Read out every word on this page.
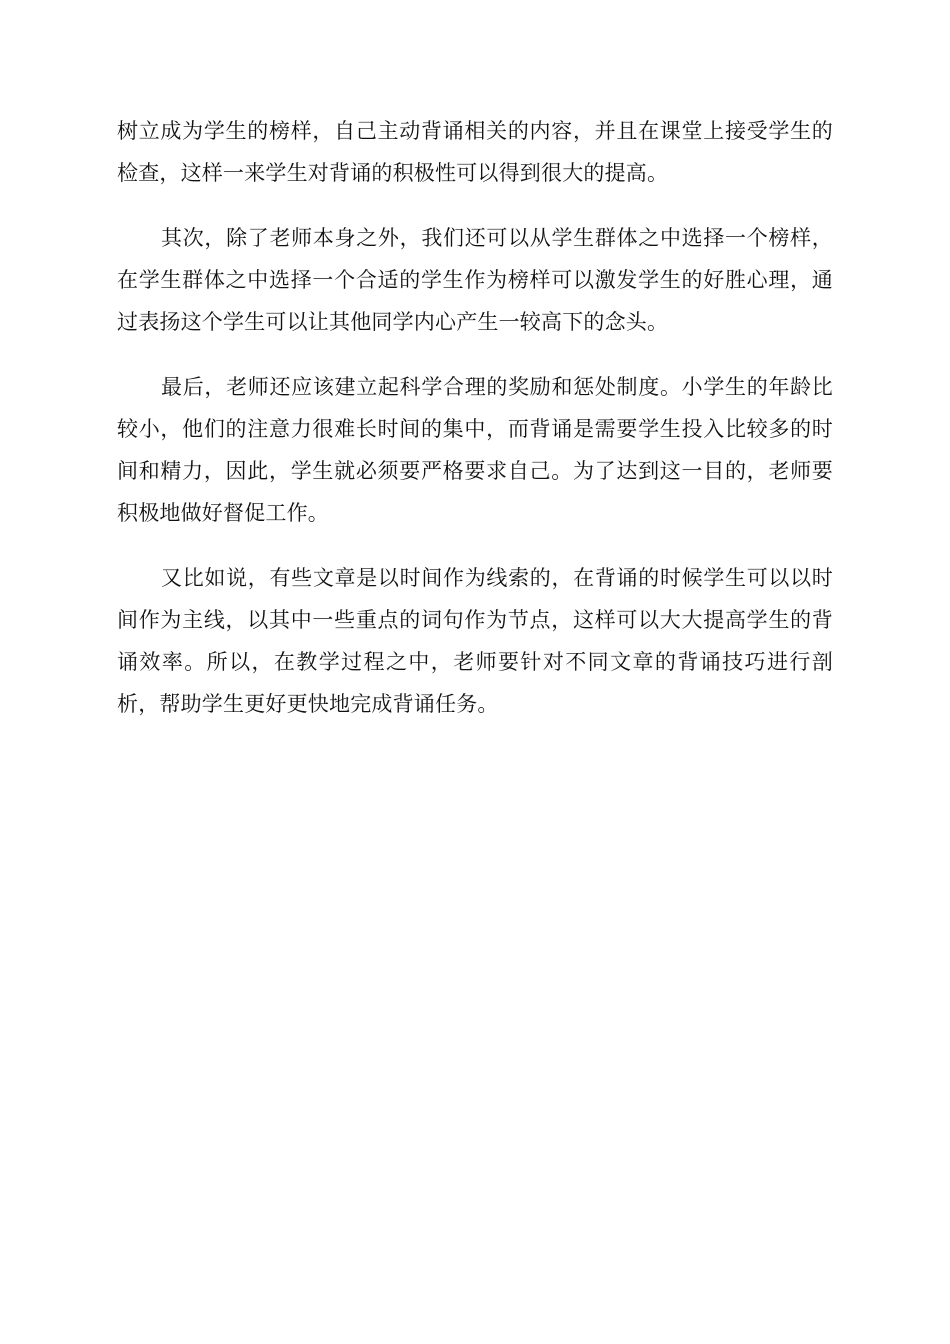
树立成为学生的榜样，自己主动背诵相关的内容，并且在课堂上接受学生的检查，这样一来学生对背诵的积极性可以得到很大的提高。

其次，除了老师本身之外，我们还可以从学生群体之中选择一个榜样，在学生群体之中选择一个合适的学生作为榜样可以激发学生的好胜心理，通过表扬这个学生可以让其他同学内心产生一较高下的念头。

最后，老师还应该建立起科学合理的奖励和惩处制度。小学生的年龄比较小，他们的注意力很难长时间的集中，而背诵是需要学生投入比较多的时间和精力，因此，学生就必须要严格要求自己。为了达到这一目的，老师要积极地做好督促工作。

又比如说，有些文章是以时间作为线索的，在背诵的时候学生可以以时间作为主线，以其中一些重点的词句作为节点，这样可以大大提高学生的背诵效率。所以，在教学过程之中，老师要针对不同文章的背诵技巧进行剖析，帮助学生更好更快地完成背诵任务。
